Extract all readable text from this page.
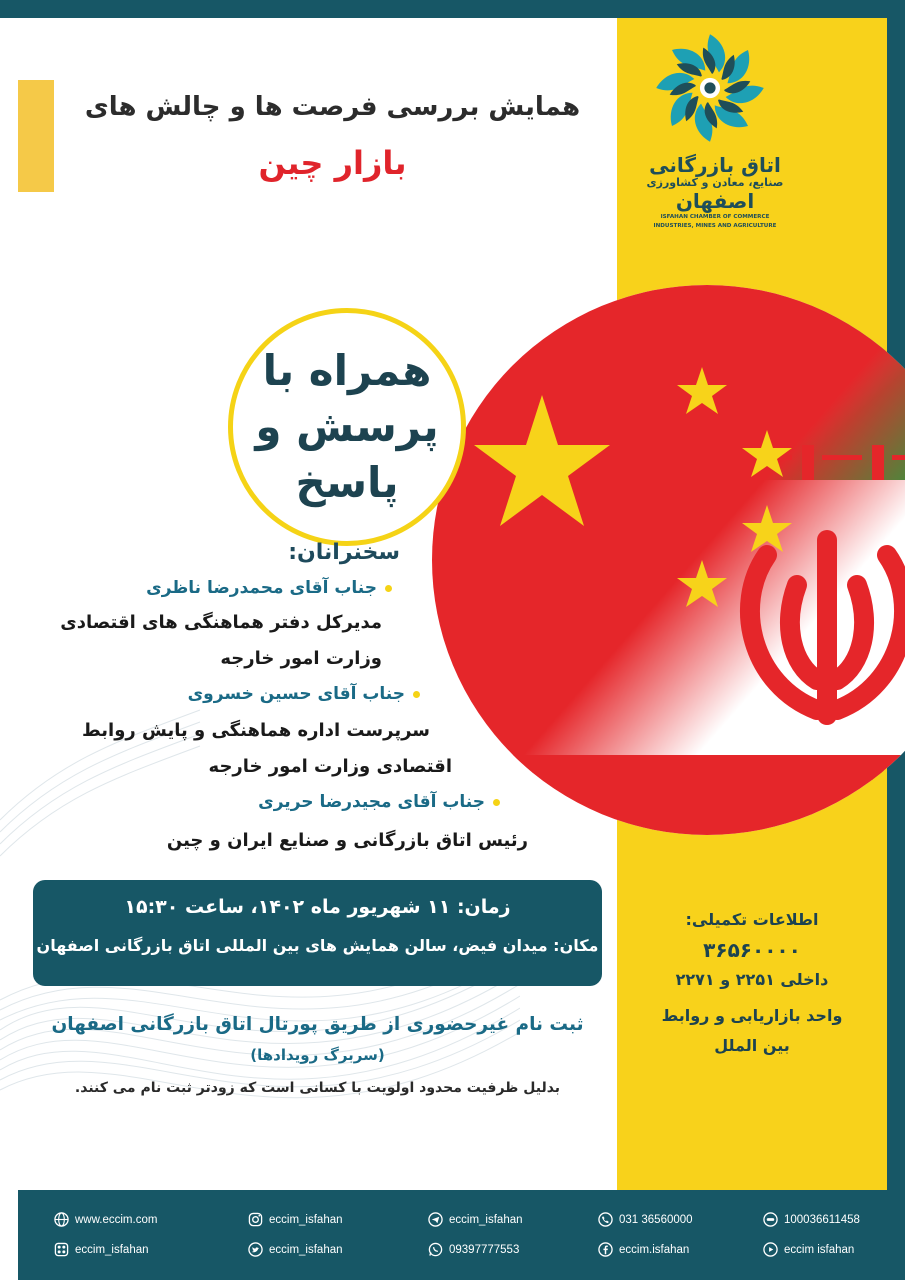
اتاق بازرگانی
صنایع، معادن و کشاورزی
اصفهان
ISFAHAN CHAMBER OF COMMERCE
INDUSTRIES, MINES AND AGRICULTURE
همایش بررسی فرصت ها و چالش های
بازار چین
همراه با
پرسش و
پاسخ
سخنرانان:
جناب آقای محمدرضا ناظری
مدیرکل دفتر هماهنگی های اقتصادی
وزارت امور خارجه
جناب آقای حسین خسروی
سرپرست اداره هماهنگی و پایش روابط
اقتصادی وزارت امور خارجه
جناب آقای مجیدرضا حریری
رئیس اتاق بازرگانی و صنایع ایران و چین
زمان: ۱۱ شهریور ماه ۱۴۰۲، ساعت ۱۵:۳۰
مکان: میدان فیض، سالن همایش های بین المللی اتاق بازرگانی اصفهان
ثبت نام غیرحضوری از طریق پورتال اتاق بازرگانی اصفهان
(سربرگ رویدادها)
بدلیل ظرفیت محدود اولویت با کسانی است که زودتر ثبت نام می کنند.
اطلاعات تکمیلی:
۳۶۵۶۰۰۰۰
داخلی ۲۲۵۱ و ۲۲۷۱
واحد بازاریابی و روابط
بین الملل
www.eccim.com	eccim_isfahan	eccim_isfahan	031 36560000	100036611458
eccim_isfahan	eccim_isfahan	09397777553	eccim.isfahan	eccim isfahan
